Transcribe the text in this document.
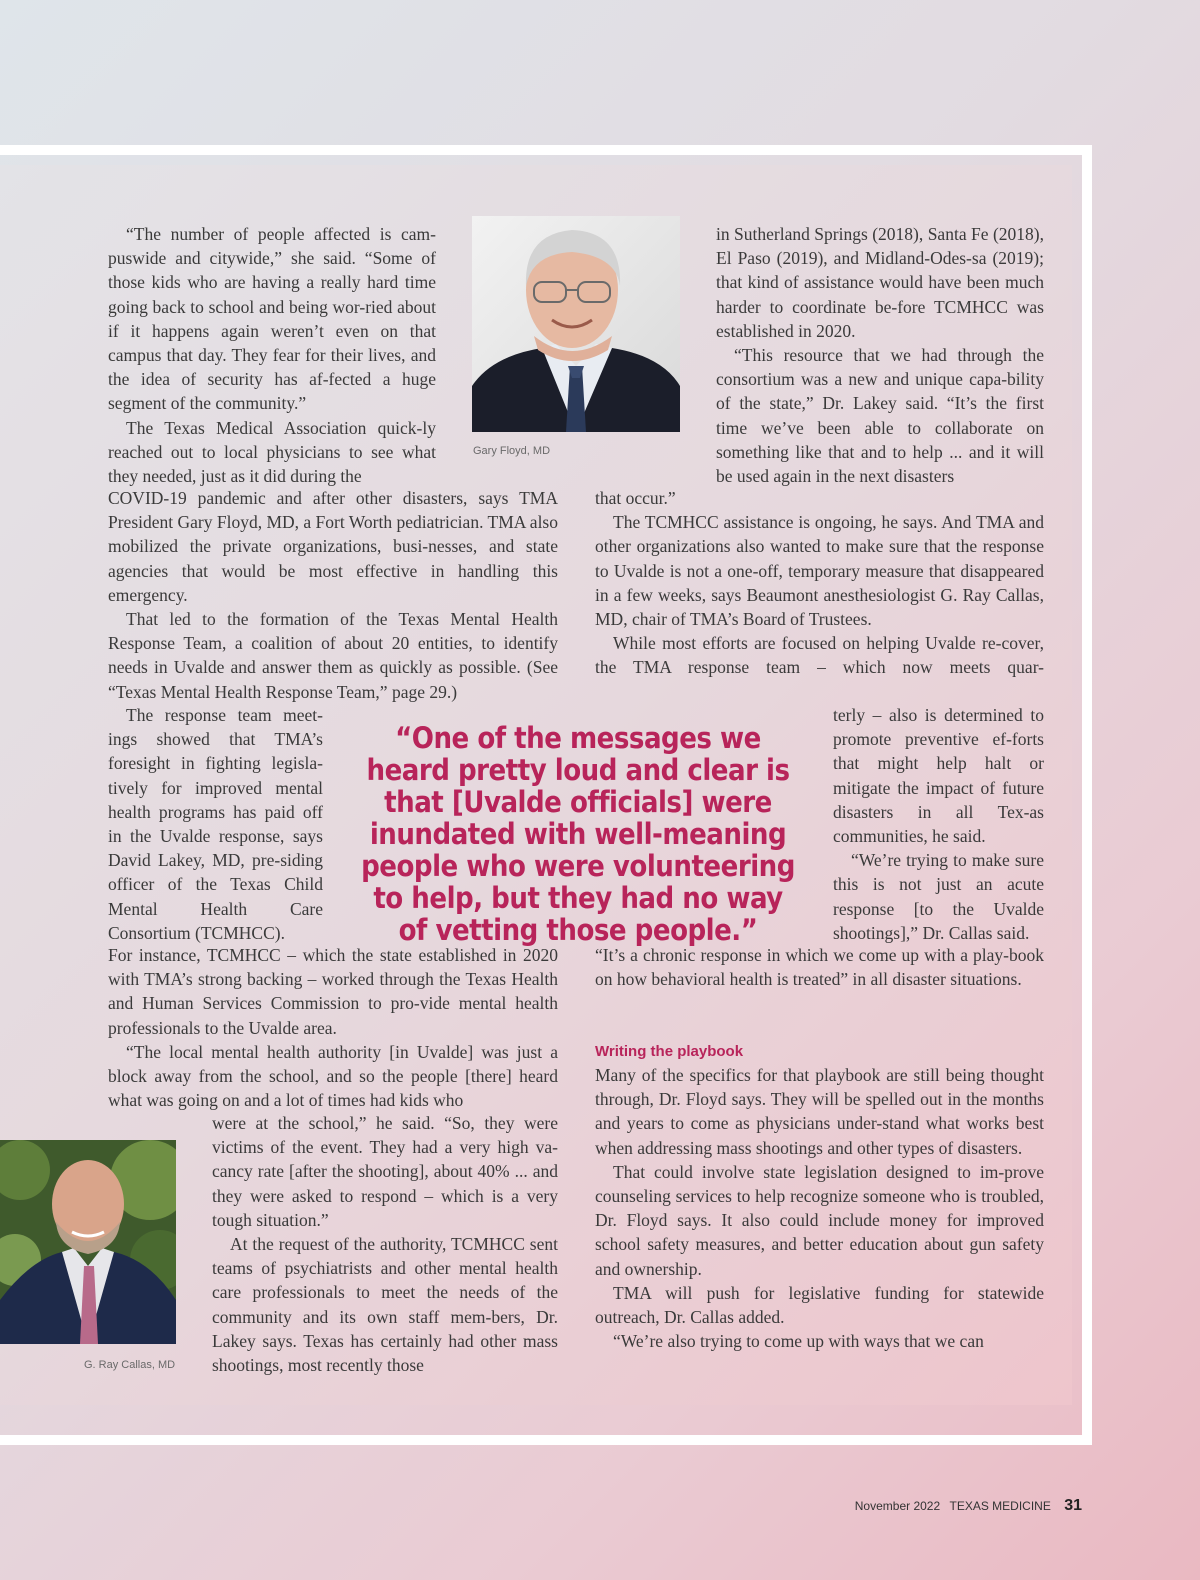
“The number of people affected is cam-puswide and citywide,” she said. “Some of those kids who are having a really hard time going back to school and being wor-ried about if it happens again weren’t even on that campus that day. They fear for their lives, and the idea of security has af-fected a huge segment of the community.”

The Texas Medical Association quick-ly reached out to local physicians to see what they needed, just as it did during the

Gary Floyd, MD

COVID-19 pandemic and after other disasters, says TMA President Gary Floyd, MD, a Fort Worth pediatrician. TMA also mobilized the private organizations, busi-nesses, and state agencies that would be most effective in handling this emergency.

That led to the formation of the Texas Mental Health Response Team, a coalition of about 20 entities, to identify needs in Uvalde and answer them as quickly as possible. (See “Texas Mental Health Response Team,” page 29.)

The response team meet-ings showed that TMA’s foresight in fighting legisla-tively for improved mental health programs has paid off in the Uvalde response, says David Lakey, MD, pre-siding officer of the Texas Child Mental Health Care Consortium (TCMHCC).

“One of the messages we heard pretty loud and clear is that [Uvalde officials] were inundated with well-meaning people who were volunteering to help, but they had no way of vetting those people.”

For instance, TCMHCC – which the state established in 2020 with TMA’s strong backing – worked through the Texas Health and Human Services Commission to pro-vide mental health professionals to the Uvalde area.

“The local mental health authority [in Uvalde] was just a block away from the school, and so the people [there] heard what was going on and a lot of times had kids who

G. Ray Callas, MD

were at the school,” he said. “So, they were victims of the event. They had a very high va-cancy rate [after the shooting], about 40% ... and they were asked to respond – which is a very tough situation.”

At the request of the authority, TCMHCC sent teams of psychiatrists and other mental health care professionals to meet the needs of the community and its own staff mem-bers, Dr. Lakey says. Texas has certainly had other mass shootings, most recently those

in Sutherland Springs (2018), Santa Fe (2018), El Paso (2019), and Midland-Odes-sa (2019); that kind of assistance would have been much harder to coordinate be-fore TCMHCC was established in 2020.

“This resource that we had through the consortium was a new and unique capa-bility of the state,” Dr. Lakey said. “It’s the first time we’ve been able to collaborate on something like that and to help ... and it will be used again in the next disasters

that occur.”

The TCMHCC assistance is ongoing, he says. And TMA and other organizations also wanted to make sure that the response to Uvalde is not a one-off, temporary measure that disappeared in a few weeks, says Beaumont anesthesiologist G. Ray Callas, MD, chair of TMA’s Board of Trustees.

While most efforts are focused on helping Uvalde re-cover, the TMA response team – which now meets quar-

terly – also is determined to promote preventive ef-forts that might help halt or mitigate the impact of future disasters in all Tex-as communities, he said.

“We’re trying to make sure this is not just an acute response [to the Uvalde shootings],” Dr. Callas said.

“It’s a chronic response in which we come up with a play-book on how behavioral health is treated” in all disaster situations.

Writing the playbook

Many of the specifics for that playbook are still being thought through, Dr. Floyd says. They will be spelled out in the months and years to come as physicians under-stand what works best when addressing mass shootings and other types of disasters.

That could involve state legislation designed to im-prove counseling services to help recognize someone who is troubled, Dr. Floyd says. It also could include money for improved school safety measures, and better education about gun safety and ownership.

TMA will push for legislative funding for statewide outreach, Dr. Callas added.

“We’re also trying to come up with ways that we can

November 2022 TEXAS MEDICINE 31
